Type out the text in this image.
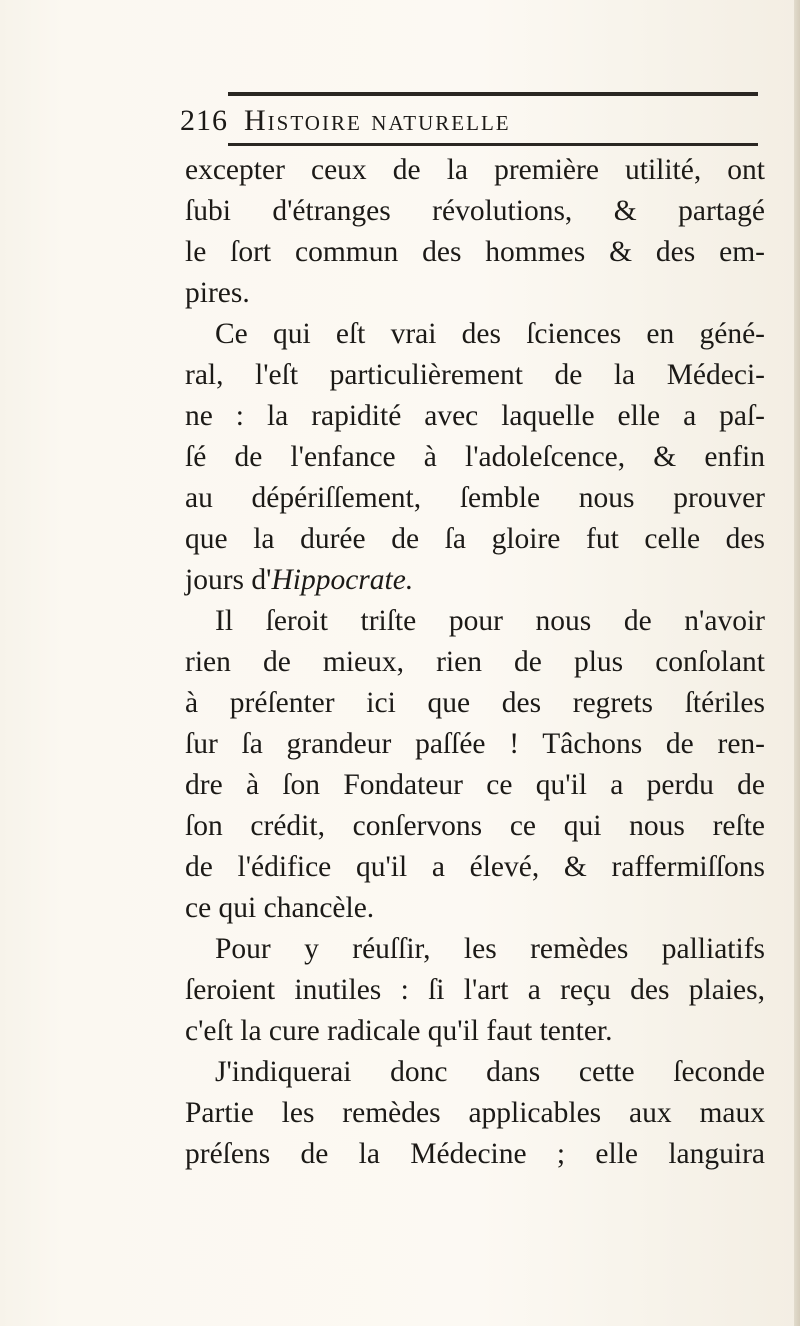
216 Histoire naturelle
excepter ceux de la première utilité, ont
ſubi d'étranges révolutions, & partagé
le ſort commun des hommes & des em-
pires.
Ce qui eſt vrai des ſciences en géné-
ral, l'eſt particulièrement de la Médeci-
ne : la rapidité avec laquelle elle a paſ-
ſé de l'enfance à l'adoleſcence, & enfin
au dépériſſement, ſemble nous prouver
que la durée de ſa gloire fut celle des
jours d'Hippocrate.
Il ſeroit triſte pour nous de n'avoir
rien de mieux, rien de plus conſolant
à préſenter ici que des regrets ſtériles
ſur ſa grandeur paſſée ! Tâchons de ren-
dre à ſon Fondateur ce qu'il a perdu de
ſon crédit, conſervons ce qui nous reſte
de l'édifice qu'il a élevé, & raffermiſſons
ce qui chancèle.
Pour y réuſſir, les remèdes palliatifs
ſeroient inutiles : ſi l'art a reçu des plaies,
c'eſt la cure radicale qu'il faut tenter.
J'indiquerai donc dans cette ſeconde
Partie les remèdes applicables aux maux
préſens de la Médecine ; elle languira
